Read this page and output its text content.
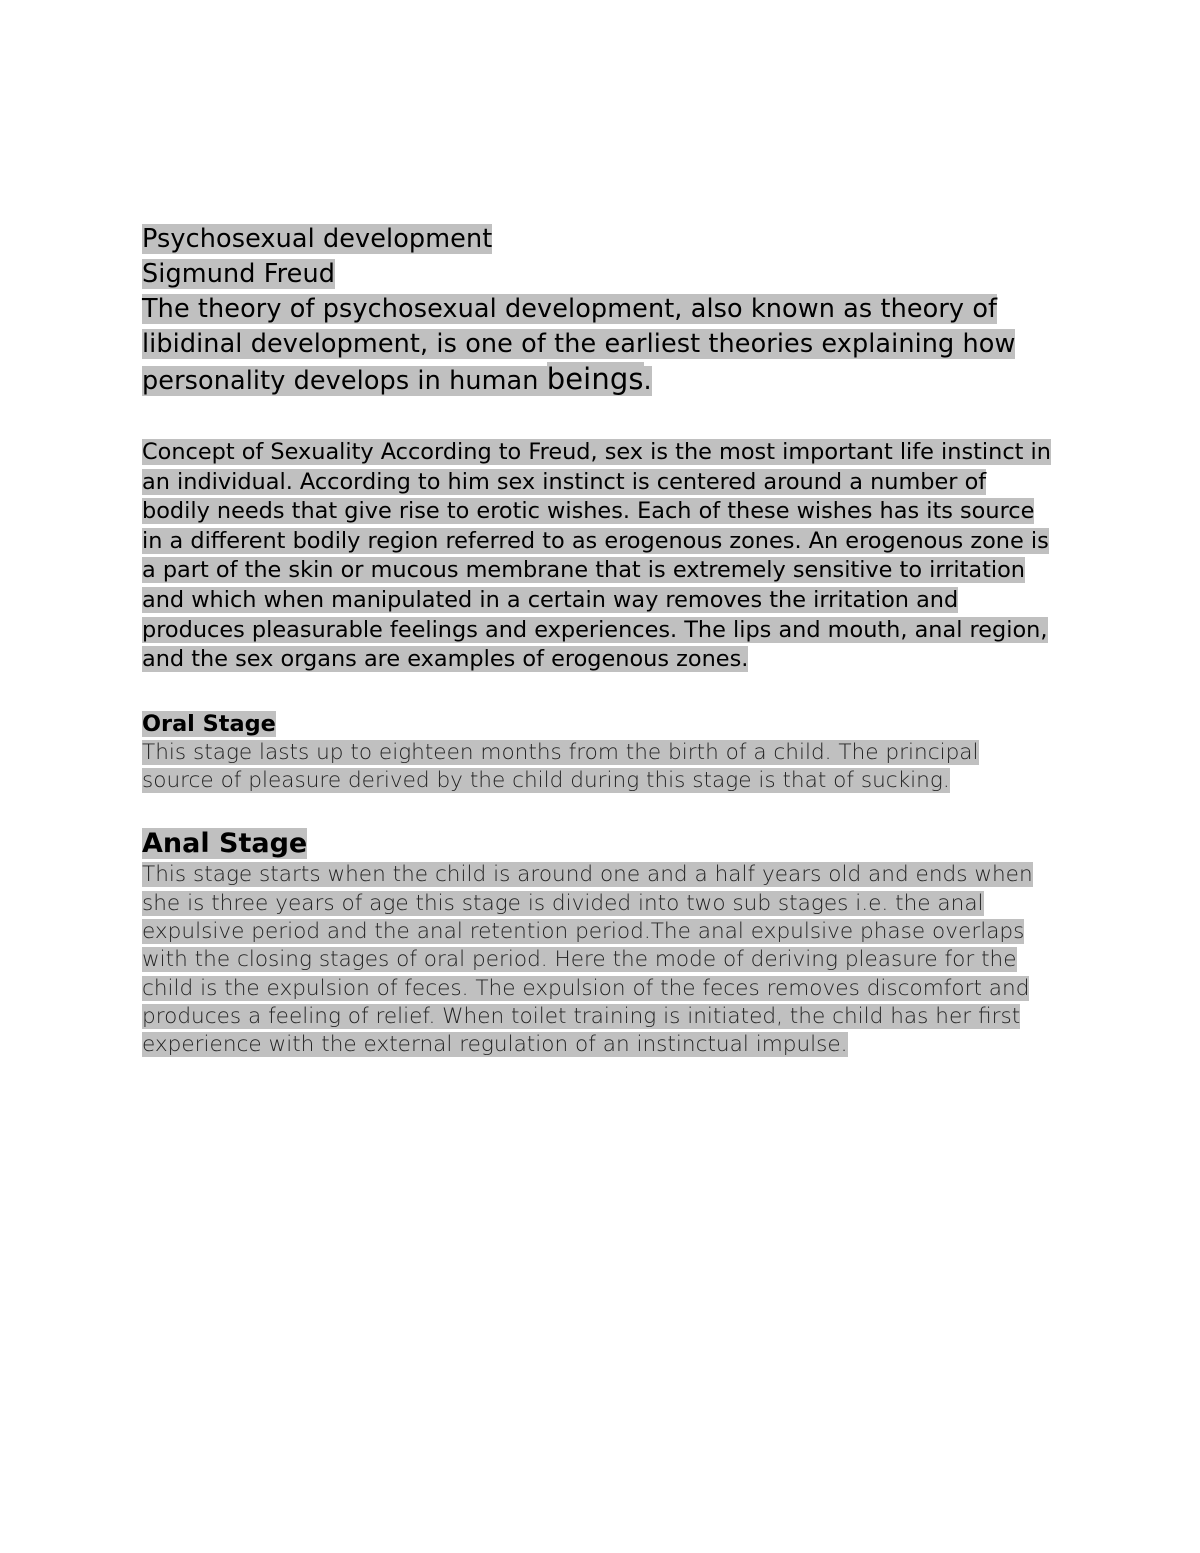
Psychosexual development

Sigmund Freud

The theory of psychosexual development, also known as theory of libidinal development, is one of the earliest theories explaining how personality develops in human beings.

Concept of Sexuality According to Freud, sex is the most important life instinct in an individual. According to him sex instinct is centered around a number of bodily needs that give rise to erotic wishes. Each of these wishes has its source in a different bodily region referred to as erogenous zones. An erogenous zone is a part of the skin or mucous membrane that is extremely sensitive to irritation and which when manipulated in a certain way removes the irritation and produces pleasurable feelings and experiences. The lips and mouth, anal region, and the sex organs are examples of erogenous zones.

Oral Stage

This stage lasts up to eighteen months from the birth of a child. The principal source of pleasure derived by the child during this stage is that of sucking.

Anal Stage

This stage starts when the child is around one and a half years old and ends when she is three years of age this stage is divided into two sub stages i.e. the anal expulsive period and the anal retention period.The anal expulsive phase overlaps with the closing stages of oral period. Here the mode of deriving pleasure for the child is the expulsion of feces. The expulsion of the feces removes discomfort and produces a feeling of relief. When toilet training is initiated, the child has her first experience with the external regulation of an instinctual impulse.
